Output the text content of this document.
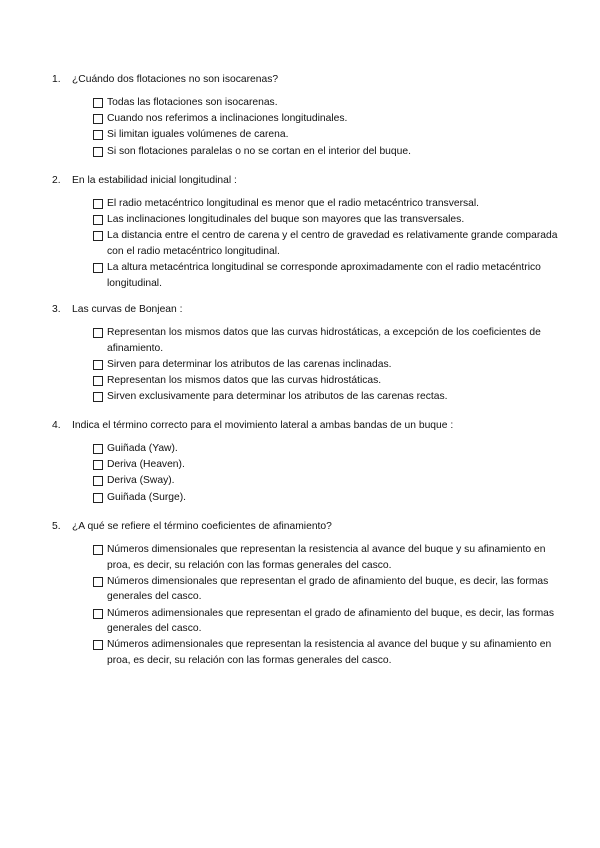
1. ¿Cuándo dos flotaciones no son isocarenas?
Todas las flotaciones son isocarenas.
Cuando nos referimos a inclinaciones longitudinales.
Si limitan iguales volúmenes de carena.
Si son flotaciones paralelas o no se cortan en el interior del buque.
2. En la estabilidad inicial longitudinal :
El radio metacéntrico longitudinal es menor que el radio metacéntrico transversal.
Las inclinaciones longitudinales del buque son mayores que las transversales.
La distancia entre el centro de carena y el centro de gravedad es relativamente grande comparada con el radio metacéntrico longitudinal.
La altura metacéntrica longitudinal se corresponde aproximadamente con el radio metacéntrico longitudinal.
3. Las curvas de Bonjean :
Representan los mismos datos que las curvas hidrostáticas, a excepción de los coeficientes de afinamiento.
Sirven para determinar los atributos de las carenas inclinadas.
Representan los mismos datos que las curvas hidrostáticas.
Sirven exclusivamente para determinar los atributos de las carenas rectas.
4. Indica el término correcto para el movimiento lateral a ambas bandas de un buque :
Guiñada (Yaw).
Deriva (Heaven).
Deriva (Sway).
Guiñada (Surge).
5. ¿A qué se refiere el término coeficientes de afinamiento?
Números dimensionales que representan la resistencia al avance del buque y su afinamiento en proa, es decir, su relación con las formas generales del casco.
Números dimensionales que representan el grado de afinamiento del buque, es decir, las formas generales del casco.
Números adimensionales que representan el grado de afinamiento del buque, es decir, las formas generales del casco.
Números adimensionales que representan la resistencia al avance del buque y su afinamiento en proa, es decir, su relación con las formas generales del casco.
